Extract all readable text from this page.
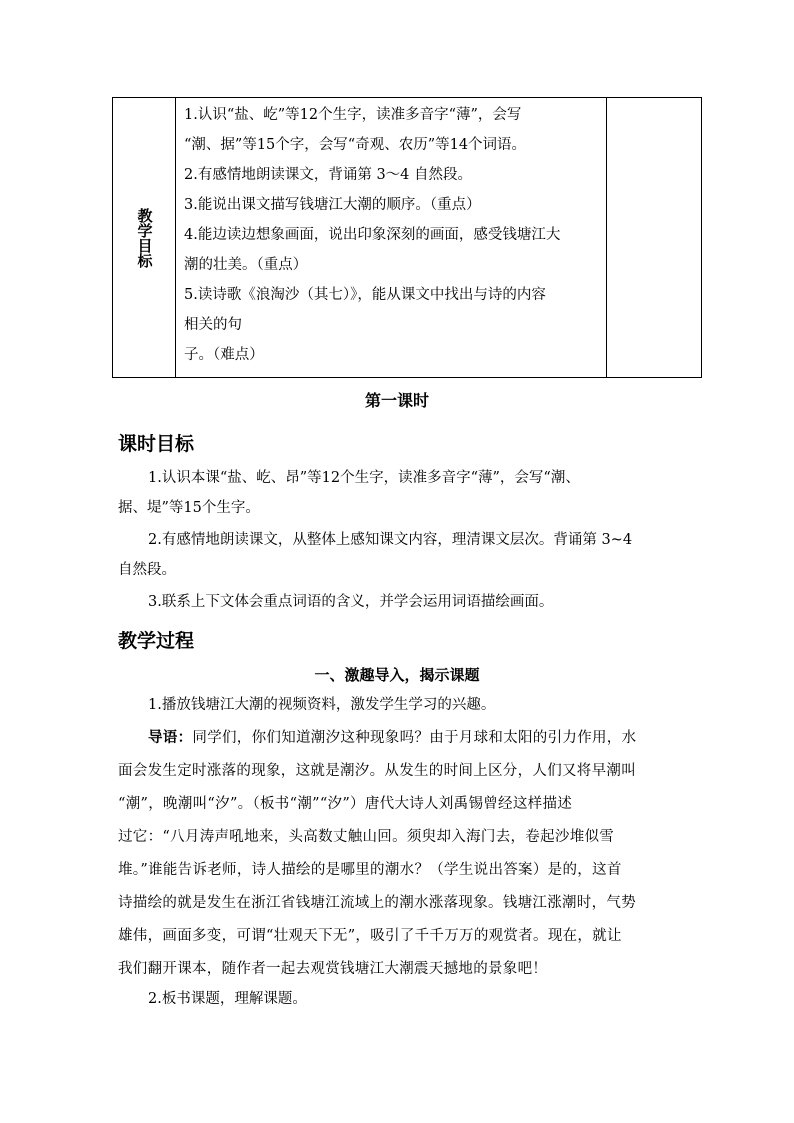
教学目标
1.认识“盐、屹”等12个生字，读准多音字“薄”，会写
“潮、据”等15个字，会写“奇观、农历”等14个词语。
2.有感情地朗读课文，背诵第 3～4 自然段。
3.能说出课文描写钱塘江大潮的顺序。（重点）
4.能边读边想象画面，说出印象深刻的画面，感受钱塘江大
潮的壮美。（重点）
5.读诗歌《浪淘沙（其七）》，能从课文中找出与诗的内容
相关的句
子。（难点）
第一课时
课时目标
1.认识本课“盐、屹、昂”等12个生字，读准多音字“薄”，会写“潮、
据、堤”等15个生字。
2.有感情地朗读课文，从整体上感知课文内容，理清课文层次。背诵第 3~4
自然段。
3.联系上下文体会重点词语的含义，并学会运用词语描绘画面。
教学过程
一、激趣导入，揭示课题
1.播放钱塘江大潮的视频资料，激发学生学习的兴趣。
导语：同学们，你们知道潮汐这种现象吗？由于月球和太阳的引力作用，水
面会发生定时涨落的现象，这就是潮汐。从发生的时间上区分，人们又将早潮叫
“潮”，晚潮叫“汐”。（板书“潮”“汐”）唐代大诗人刘禹锡曾经这样描述
过它：“八月涛声吼地来，头高数丈触山回。须臾却入海门去，卷起沙堆似雪
堆。”谁能告诉老师，诗人描绘的是哪里的潮水？（学生说出答案）是的，这首
诗描绘的就是发生在浙江省钱塘江流域上的潮水涨落现象。钱塘江涨潮时，气势
雄伟，画面多变，可谓“壮观天下无”，吸引了千千万万的观赏者。现在，就让
我们翻开课本，随作者一起去观赏钱塘江大潮震天撼地的景象吧！
2.板书课题，理解课题。
